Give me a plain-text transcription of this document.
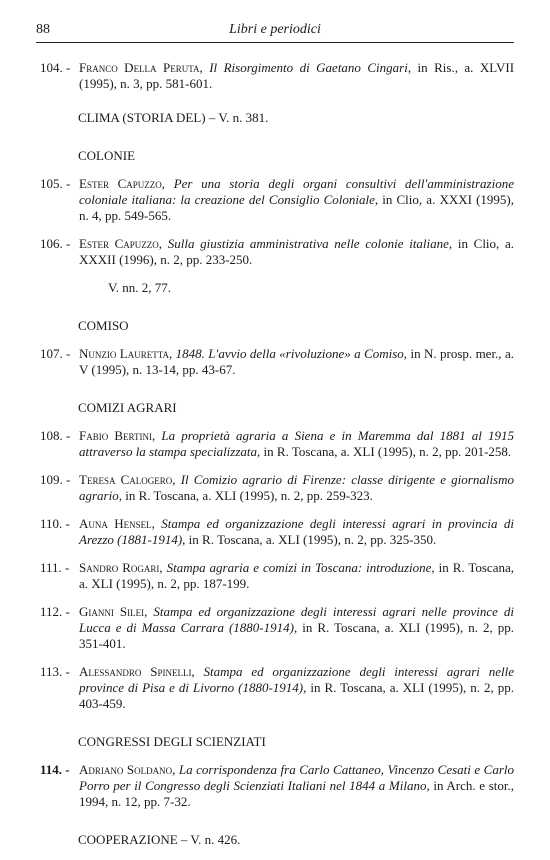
88	Libri e periodici
104. - Franco Della Peruta, Il Risorgimento di Gaetano Cingari, in Ris., a. XLVII (1995), n. 3, pp. 581-601.
CLIMA (STORIA DEL) – V. n. 381.
COLONIE
105. - Ester Capuzzo, Per una storia degli organi consultivi dell'amministrazione coloniale italiana: la creazione del Consiglio Coloniale, in Clio, a. XXXI (1995), n. 4, pp. 549-565.
106. - Ester Capuzzo, Sulla giustizia amministrativa nelle colonie italiane, in Clio, a. XXXII (1996), n. 2, pp. 233-250.
V. nn. 2, 77.
COMISO
107. - Nunzio Lauretta, 1848. L'avvio della «rivoluzione» a Comiso, in N. prosp. mer., a. V (1995), n. 13-14, pp. 43-67.
COMIZI AGRARI
108. - Fabio Bertini, La proprietà agraria a Siena e in Maremma dal 1881 al 1915 attraverso la stampa specializzata, in R. Toscana, a. XLI (1995), n. 2, pp. 201-258.
109. - Teresa Calogero, Il Comizio agrario di Firenze: classe dirigente e giornalismo agrario, in R. Toscana, a. XLI (1995), n. 2, pp. 259-323.
110. - Auna Hensel, Stampa ed organizzazione degli interessi agrari in provincia di Arezzo (1881-1914), in R. Toscana, a. XLI (1995), n. 2, pp. 325-350.
111. - Sandro Rogari, Stampa agraria e comizi in Toscana: introduzione, in R. Toscana, a. XLI (1995), n. 2, pp. 187-199.
112. - Gianni Silei, Stampa ed organizzazione degli interessi agrari nelle province di Lucca e di Massa Carrara (1880-1914), in R. Toscana, a. XLI (1995), n. 2, pp. 351-401.
113. - Alessandro Spinelli, Stampa ed organizzazione degli interessi agrari nelle province di Pisa e di Livorno (1880-1914), in R. Toscana, a. XLI (1995), n. 2, pp. 403-459.
CONGRESSI DEGLI SCIENZIATI
114. - Adriano Soldano, La corrispondenza fra Carlo Cattaneo, Vincenzo Cesati e Carlo Porro per il Congresso degli Scienziati Italiani nel 1844 a Milano, in Arch. e stor., 1994, n. 12, pp. 7-32.
COOPERAZIONE – V. n. 426.
